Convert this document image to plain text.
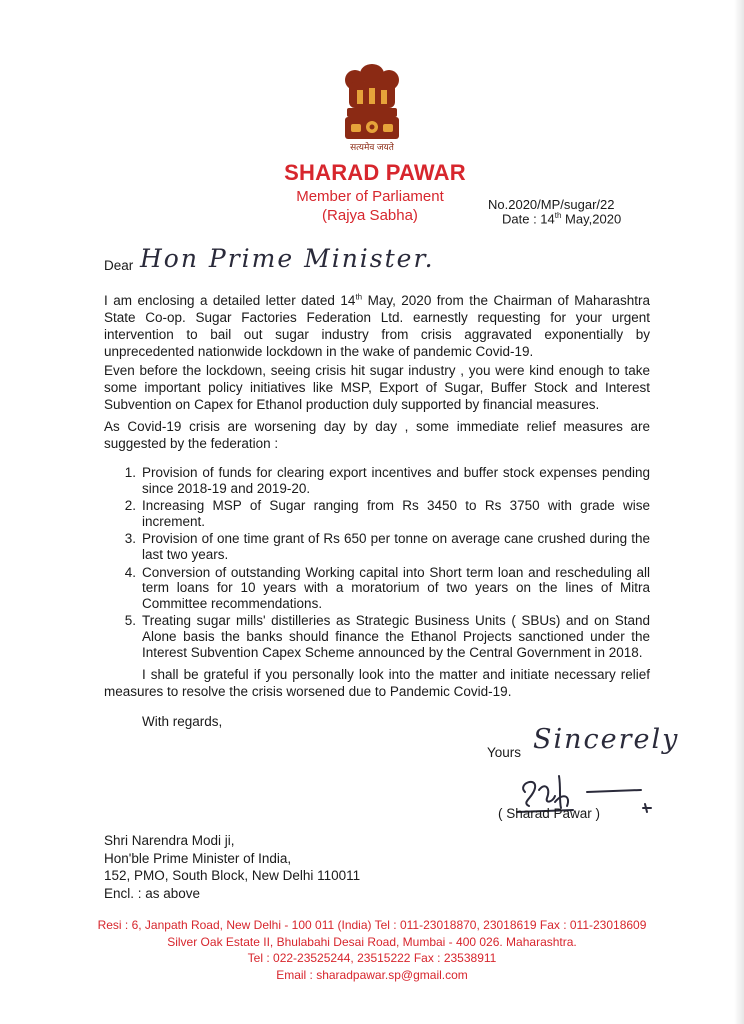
सत्यमेव जयते
SHARAD PAWAR
Member of Parliament
(Rajya Sabha)
No.2020/MP/sugar/22
Date : 14th May,2020
Dear Hon Prime Minister.
I am enclosing a detailed letter dated 14th May, 2020 from the Chairman of Maharashtra State Co-op. Sugar Factories Federation Ltd. earnestly requesting for your urgent intervention to bail out sugar industry from crisis aggravated exponentially by unprecedented nationwide lockdown in the wake of pandemic Covid-19.
Even before the lockdown, seeing crisis hit sugar industry , you were kind enough to take some important policy initiatives like MSP, Export of Sugar, Buffer Stock and Interest Subvention on Capex for Ethanol production duly supported by financial measures.
As Covid-19 crisis are worsening day by day , some immediate relief measures are suggested by the federation :
1. Provision of funds for clearing export incentives and buffer stock expenses pending since 2018-19 and 2019-20.
2. Increasing MSP of Sugar ranging from Rs 3450 to Rs 3750 with grade wise increment.
3. Provision of one time grant of Rs 650 per tonne on average cane crushed during the last two years.
4. Conversion of outstanding Working capital into Short term loan and rescheduling all term loans for 10 years with a moratorium of two years on the lines of Mitra Committee recommendations.
5. Treating sugar mills' distilleries as Strategic Business Units ( SBUs) and on Stand Alone basis the banks should finance the Ethanol Projects sanctioned under the Interest Subvention Capex Scheme announced by the Central Government in 2018.
I shall be grateful if you personally look into the matter and initiate necessary relief measures to resolve the crisis worsened due to Pandemic Covid-19.
With regards,
Yours Sincerely
( Sharad Pawar )
Shri Narendra Modi ji,
Hon'ble Prime Minister of India,
152, PMO, South Block, New Delhi 110011
Encl. : as above
Resi : 6, Janpath Road, New Delhi - 100 011 (India) Tel : 011-23018870, 23018619 Fax : 011-23018609
Silver Oak Estate II, Bhulabahi Desai Road, Mumbai - 400 026. Maharashtra.
Tel : 022-23525244, 23515222 Fax : 23538911
Email : sharadpawar.sp@gmail.com
